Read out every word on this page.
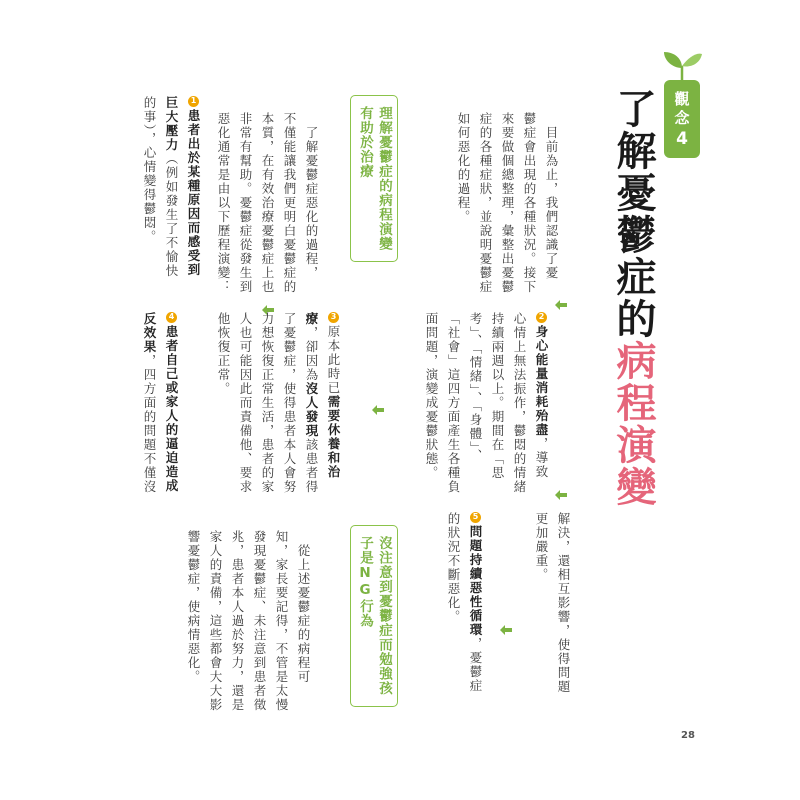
觀
念
4
了解憂鬱症的病程演變
目前為止，我們認識了憂
鬱症會出現的各種狀況。接下
來要做個總整理，彙整出憂鬱
症的各種症狀，並說明憂鬱症
如何惡化的過程。
2身心能量消耗殆盡，導致
心情上無法振作，鬱悶的情緒
持續兩週以上。期間在「思
考」、「情緒」、「身體」、
「社會」這四方面產生各種負
面問題，演變成憂鬱狀態。
解決，還相互影響，使得問題
更加嚴重。
5問題持續惡性循環，憂鬱症
的狀況不斷惡化。
理解憂鬱症的病程演變
有助於治療
了解憂鬱症惡化的過程，
不僅能讓我們更明白憂鬱症的
本質，在有效治療憂鬱症上也
非常有幫助。憂鬱症從發生到
惡化通常是由以下歷程演變：
1患者出於某種原因而感受到
巨大壓力（例如發生了不愉快
的事），心情變得鬱悶。
3原本此時已需要休養和治
療，卻因為沒人發現該患者得
了憂鬱症，使得患者本人會努
力想恢復正常生活，患者的家
人也可能因此而責備他、要求
他恢復正常。
4患者自己或家人的逼迫造成
反效果，四方面的問題不僅沒
沒注意到憂鬱症而勉強孩
子是NG行為
從上述憂鬱症的病程可
知，家長要記得，不管是太慢
發現憂鬱症、未注意到患者徵
兆，患者本人過於努力，還是
家人的責備，這些都會大大影
響憂鬱症，使病情惡化。
28
